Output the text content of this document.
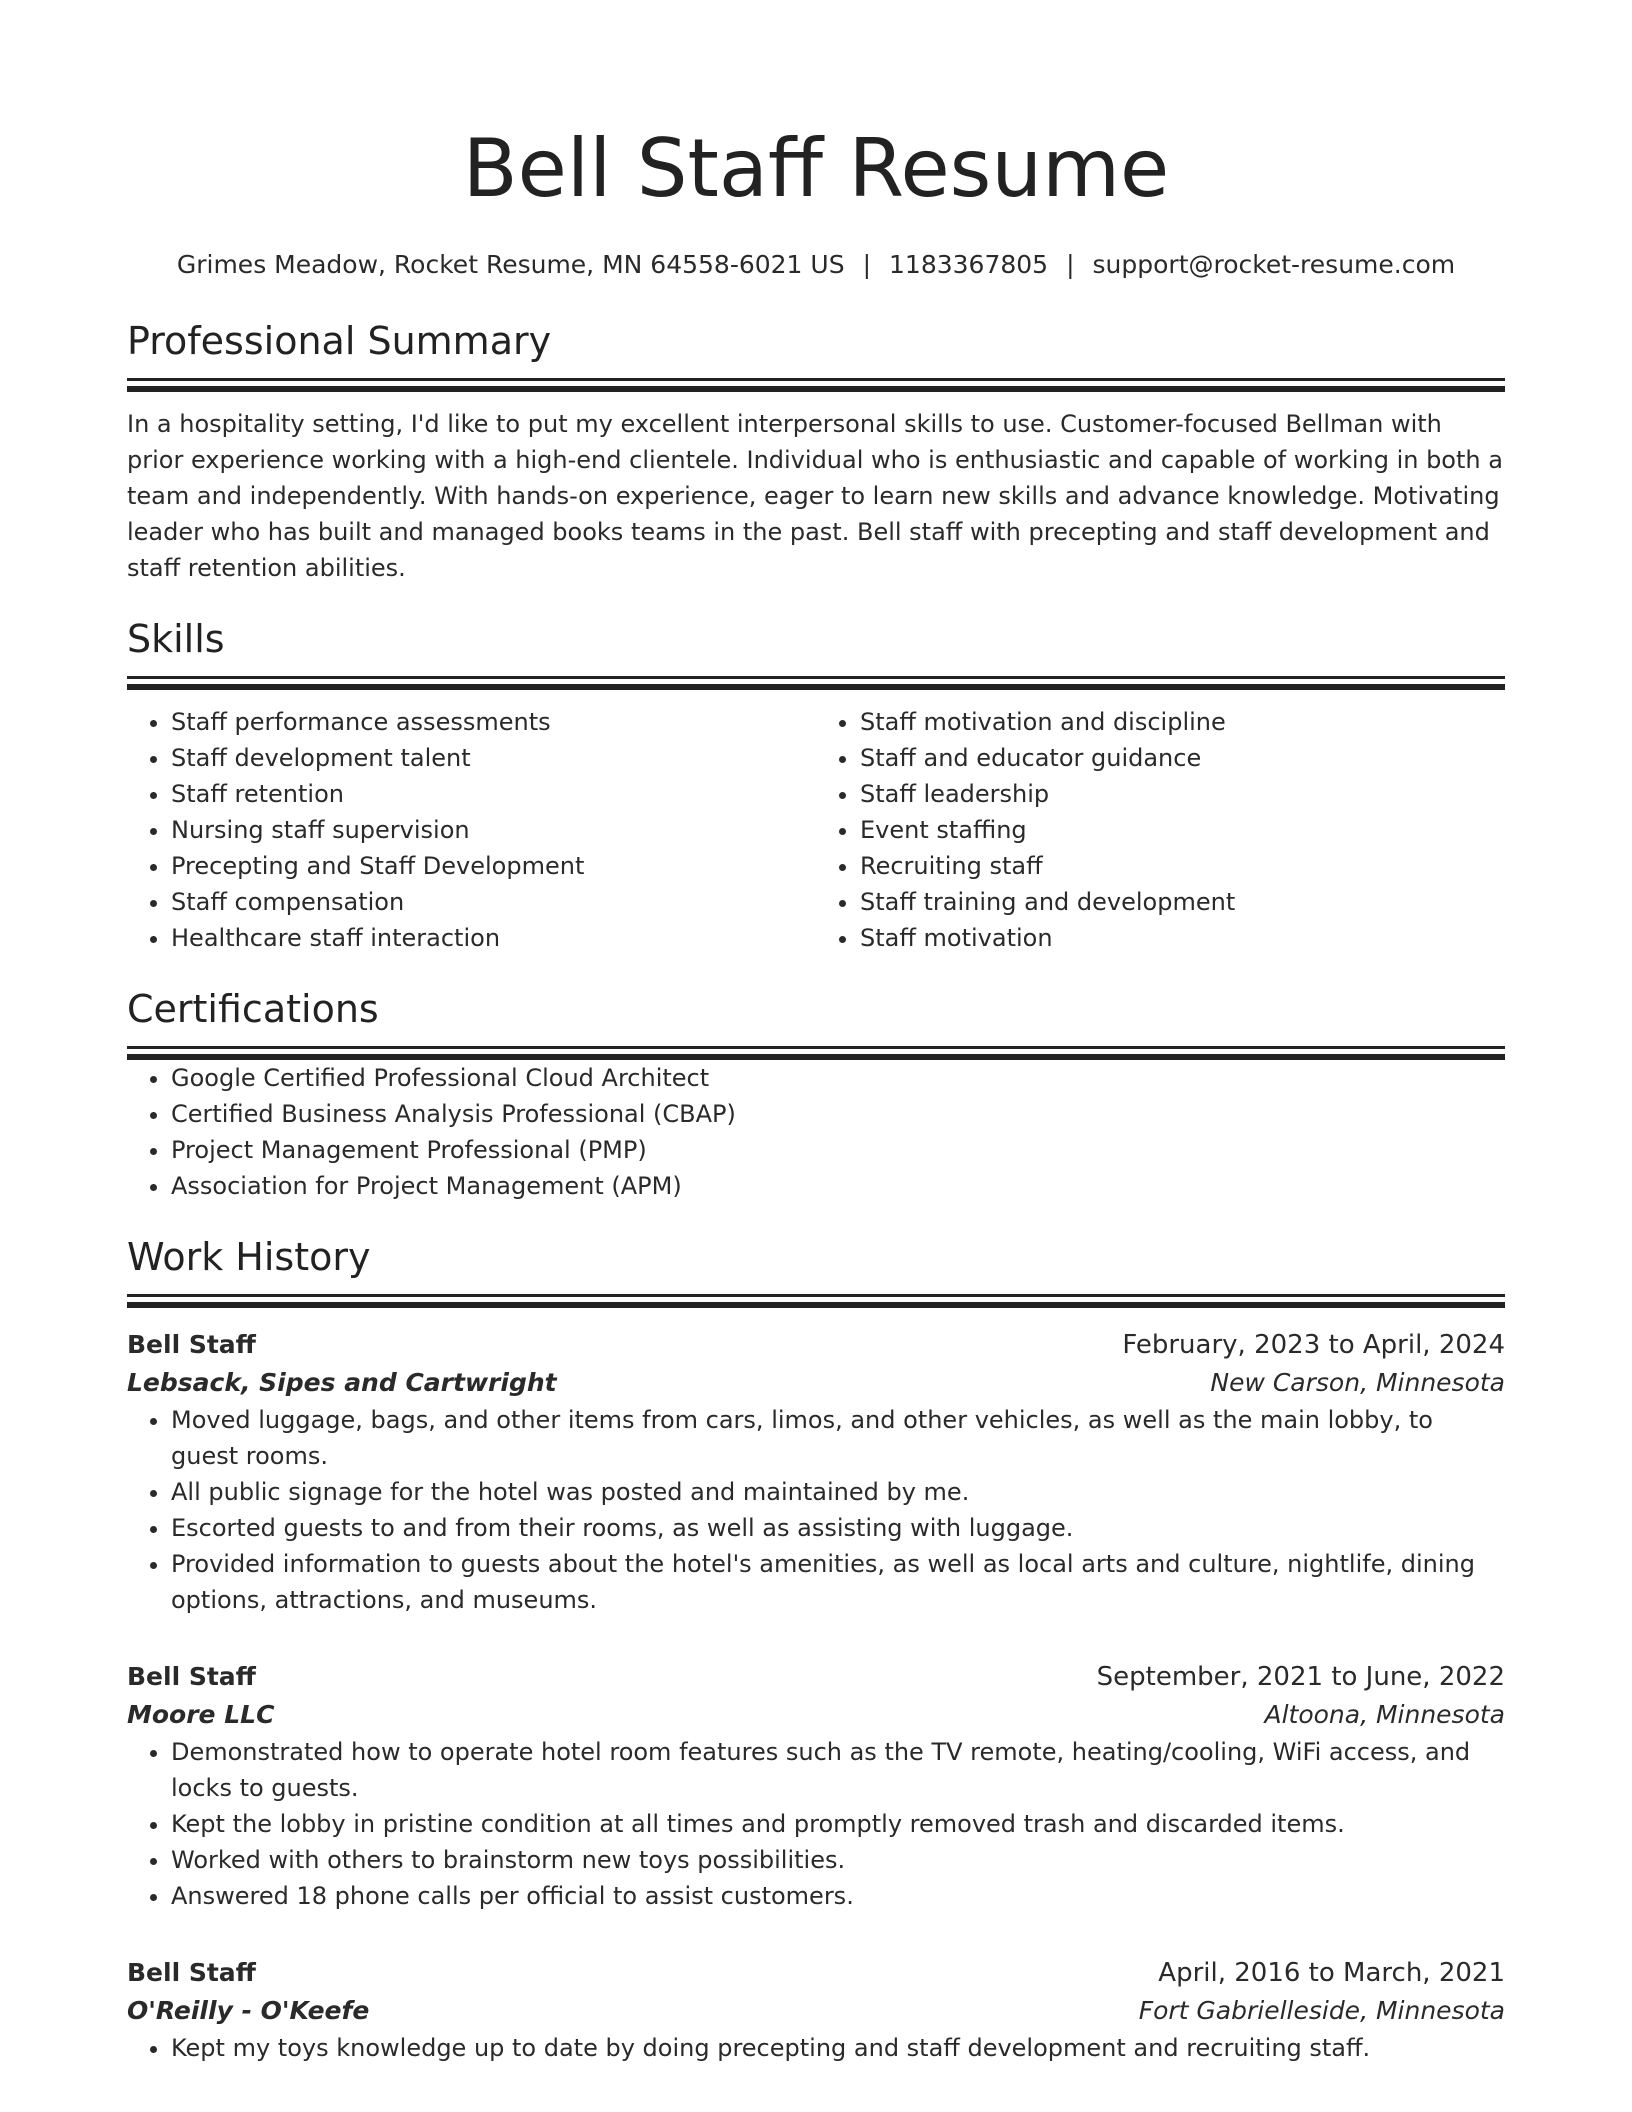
Bell Staff Resume
Grimes Meadow, Rocket Resume, MN 64558-6021 US | 1183367805 | support@rocket-resume.com
Professional Summary
In a hospitality setting, I'd like to put my excellent interpersonal skills to use. Customer-focused Bellman with prior experience working with a high-end clientele. Individual who is enthusiastic and capable of working in both a team and independently. With hands-on experience, eager to learn new skills and advance knowledge. Motivating leader who has built and managed books teams in the past. Bell staff with precepting and staff development and staff retention abilities.
Skills
• Staff performance assessments
• Staff development talent
• Staff retention
• Nursing staff supervision
• Precepting and Staff Development
• Staff compensation
• Healthcare staff interaction
• Staff motivation and discipline
• Staff and educator guidance
• Staff leadership
• Event staffing
• Recruiting staff
• Staff training and development
• Staff motivation
Certifications
• Google Certified Professional Cloud Architect
• Certified Business Analysis Professional (CBAP)
• Project Management Professional (PMP)
• Association for Project Management (APM)
Work History
Bell Staff	February, 2023 to April, 2024
Lebsack, Sipes and Cartwright	New Carson, Minnesota
• Moved luggage, bags, and other items from cars, limos, and other vehicles, as well as the main lobby, to guest rooms.
• All public signage for the hotel was posted and maintained by me.
• Escorted guests to and from their rooms, as well as assisting with luggage.
• Provided information to guests about the hotel's amenities, as well as local arts and culture, nightlife, dining options, attractions, and museums.
Bell Staff	September, 2021 to June, 2022
Moore LLC	Altoona, Minnesota
• Demonstrated how to operate hotel room features such as the TV remote, heating/cooling, WiFi access, and locks to guests.
• Kept the lobby in pristine condition at all times and promptly removed trash and discarded items.
• Worked with others to brainstorm new toys possibilities.
• Answered 18 phone calls per official to assist customers.
Bell Staff	April, 2016 to March, 2021
O'Reilly - O'Keefe	Fort Gabrielleside, Minnesota
• Kept my toys knowledge up to date by doing precepting and staff development and recruiting staff.
